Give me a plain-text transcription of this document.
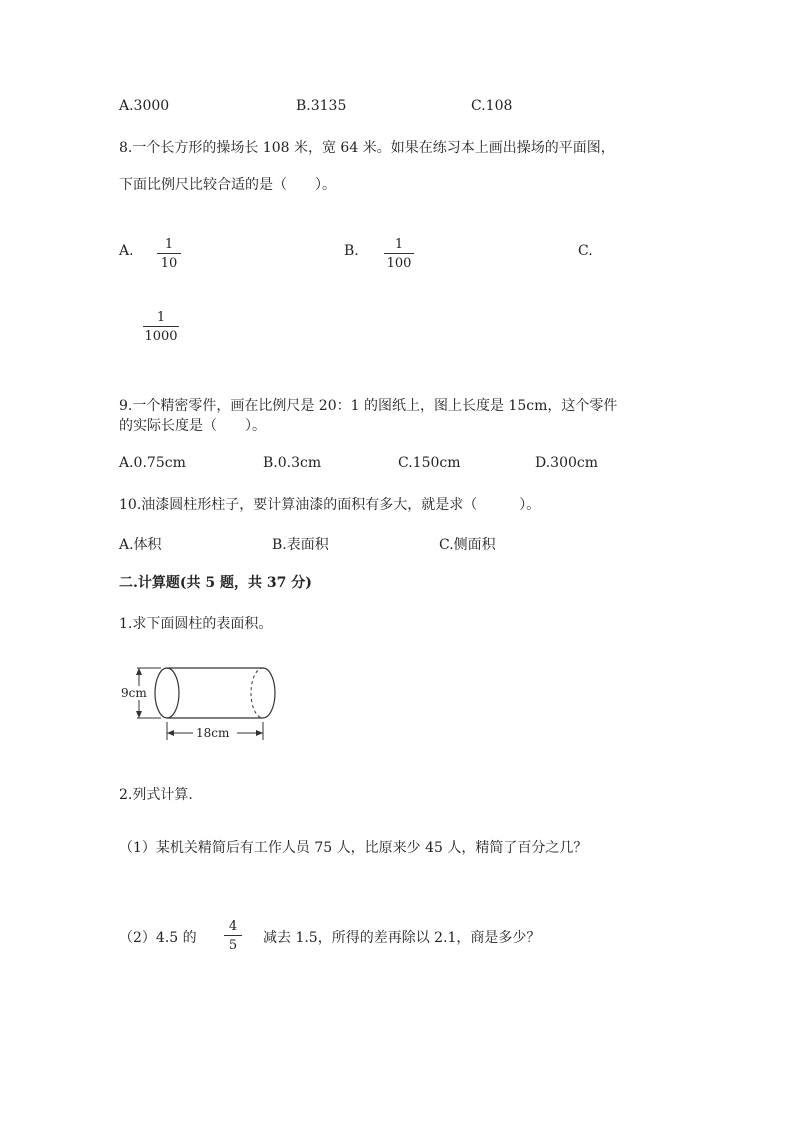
A.3000	B.3135	C.108
8.一个长方形的操场长 108 米，宽 64 米。如果在练习本上画出操场的平面图，
下面比例尺比较合适的是（　　）。
A. $\frac{1}{10}$	B. $\frac{1}{100}$	C.
$\frac{1}{1000}$
9.一个精密零件，画在比例尺是 20：1 的图纸上，图上长度是 15cm，这个零件
的实际长度是（　　）。
A.0.75cm	B.0.3cm	C.150cm	D.300cm
10.油漆圆柱形柱子，要计算油漆的面积有多大，就是求（　　　）。
A.体积	B.表面积	C.侧面积
二.计算题(共 5 题，共 37 分)
1.求下面圆柱的表面积。
9cm
18cm
2.列式计算.
（1）某机关精简后有工作人员 75 人，比原来少 45 人，精简了百分之几？
（2）4.5 的 $\frac{4}{5}$ 减去 1.5，所得的差再除以 2.1，商是多少？
